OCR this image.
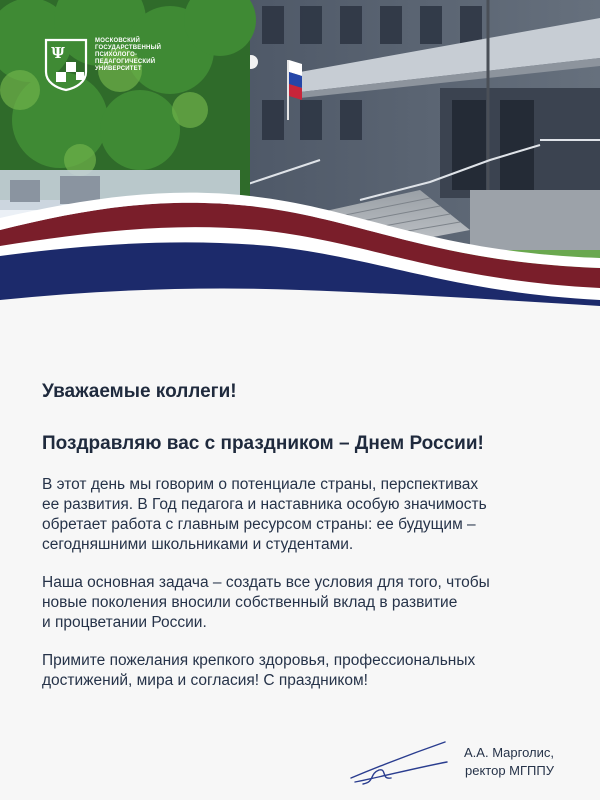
Ψ
МОСКОВСКИЙ
ГОСУДАРСТВЕННЫЙ
ПСИХОЛОГО-
ПЕДАГОГИЧЕСКИЙ
УНИВЕРСИТЕТ
Уважаемые коллеги!
Поздравляю вас с праздником – Днем России!

В этот день мы говорим о потенциале страны, перспективах
ее развития. В Год педагога и наставника особую значимость
обретает работа с главным ресурсом страны: ее будущим –
сегодняшними школьниками и студентами.

Наша основная задача – создать все условия для того, чтобы
новые поколения вносили собственный вклад в развитие
и процветании России.

Примите пожелания крепкого здоровья, профессиональных
достижений, мира и согласия! С праздником!

А.А. Марголис,
ректор МГППУ
